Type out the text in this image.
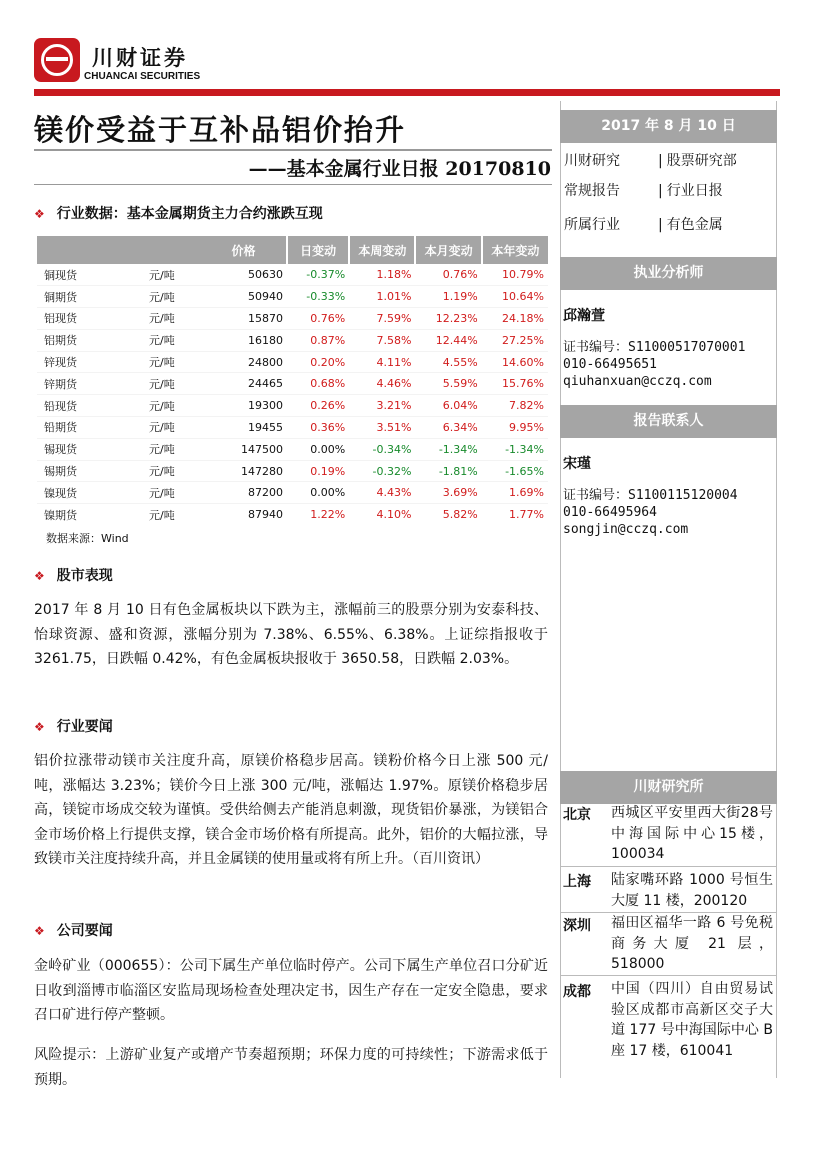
川财证券
CHUANCAI SECURITIES
镁价受益于互补品铝价抬升
——基本金属行业日报 20170810
❖ 行业数据：基本金属期货主力合约涨跌互现
		价格	日变动	本周变动	本月变动	本年变动
铜现货	元/吨	50630	-0.37%	1.18%	0.76%	10.79%
铜期货	元/吨	50940	-0.33%	1.01%	1.19%	10.64%
铝现货	元/吨	15870	0.76%	7.59%	12.23%	24.18%
铝期货	元/吨	16180	0.87%	7.58%	12.44%	27.25%
锌现货	元/吨	24800	0.20%	4.11%	4.55%	14.60%
锌期货	元/吨	24465	0.68%	4.46%	5.59%	15.76%
铅现货	元/吨	19300	0.26%	3.21%	6.04%	7.82%
铅期货	元/吨	19455	0.36%	3.51%	6.34%	9.95%
锡现货	元/吨	147500	0.00%	-0.34%	-1.34%	-1.34%
锡期货	元/吨	147280	0.19%	-0.32%	-1.81%	-1.65%
镍现货	元/吨	87200	0.00%	4.43%	3.69%	1.69%
镍期货	元/吨	87940	1.22%	4.10%	5.82%	1.77%
数据来源：Wind
❖ 股市表现
2017 年 8 月 10 日有色金属板块以下跌为主，涨幅前三的股票分别为安泰科技、怡球资源、盛和资源，涨幅分别为 7.38%、6.55%、6.38%。上证综指报收于 3261.75，日跌幅 0.42%，有色金属板块报收于 3650.58，日跌幅 2.03%。
❖ 行业要闻
铝价拉涨带动镁市关注度升高，原镁价格稳步居高。镁粉价格今日上涨 500 元/吨，涨幅达 3.23%；镁价今日上涨 300 元/吨，涨幅达 1.97%。原镁价格稳步居高，镁锭市场成交较为谨慎。受供给侧去产能消息刺激，现货铝价暴涨，为镁铝合金市场价格上行提供支撑，镁合金市场价格有所提高。此外，铝价的大幅拉涨，导致镁市关注度持续升高，并且金属镁的使用量或将有所上升。（百川资讯）
❖ 公司要闻
金岭矿业（000655）：公司下属生产单位临时停产。公司下属生产单位召口分矿近日收到淄博市临淄区安监局现场检查处理决定书，因生产存在一定安全隐患，要求召口矿进行停产整顿。
风险提示：上游矿业复产或增产节奏超预期；环保力度的可持续性；下游需求低于预期。
2017 年 8 月 10 日
川财研究	| 股票研究部
常规报告	| 行业日报
所属行业	| 有色金属
执业分析师
邱瀚萱
证书编号：S1100051707000​1
010-66495651
qiuhanxuan@cczq.com
报告联系人
宋瑾
证书编号：S1100115120004
010-66495964
songjin@cczq.com
川财研究所
北京 西城区平安里西大街28号中海国际中心15楼，100034
上海 陆家嘴环路 1000 号恒生大厦 11 楼，200120
深圳 福田区福华一路 6 号免税商务大厦 21 层，518000
成都 中国（四川）自由贸易试验区成都市高新区交子大道 177 号中海国际中心 B 座 17 楼，610041
